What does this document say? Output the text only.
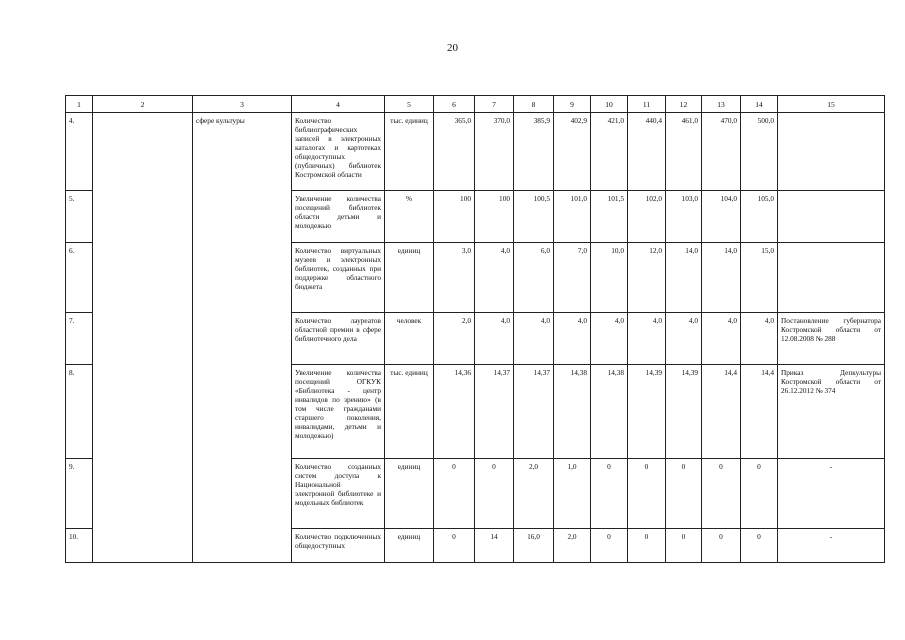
20
1	2	3	4	5	6	7	8	9	10	11	12	13	14	15
4.		сфере культуры	Количество библиографических записей в электронных каталогах и картотеках общедоступных (публичных) библиотек Костромской области	тыс. единиц	365,0	370,0	385,9	402,9	421,0	440,4	461,0	470,0	500,0	
5.			Увеличение количества посещений библиотек области детьми и молодежью	%	100	100	100,5	101,0	101,5	102,0	103,0	104,0	105,0	
6.			Количество виртуальных музеев и электронных библиотек, созданных при поддержке областного бюджета	единиц	3,0	4,0	6,0	7,0	10,0	12,0	14,0	14,0	15,0	
7.			Количество лауреатов областной премии в сфере библиотечного дела	человек	2,0	4,0	4,0	4,0	4,0	4,0	4,0	4,0	4,0	Постановление губернатора Костромской области от 12.08.2008 № 288
8.			Увеличение количества посещений ОГКУК «Библиотека - центр инвалидов по зрению» (в том числе гражданами старшего поколения, инвалидами, детьми и молодежью)	тыс. единиц	14,36	14,37	14,37	14,38	14,38	14,39	14,39	14,4	14,4	Приказ Депкультуры Костромской области от 26.12.2012 № 374
9.			Количество созданных систем доступа к Национальной электронной библиотеке и модельных библиотек	единиц	0	0	2,0	1,0	0	0	0	0	0	-
10.			Количество подключенных общедоступных	единиц	0	14	16,0	2,0	0	0	0	0	0	-
